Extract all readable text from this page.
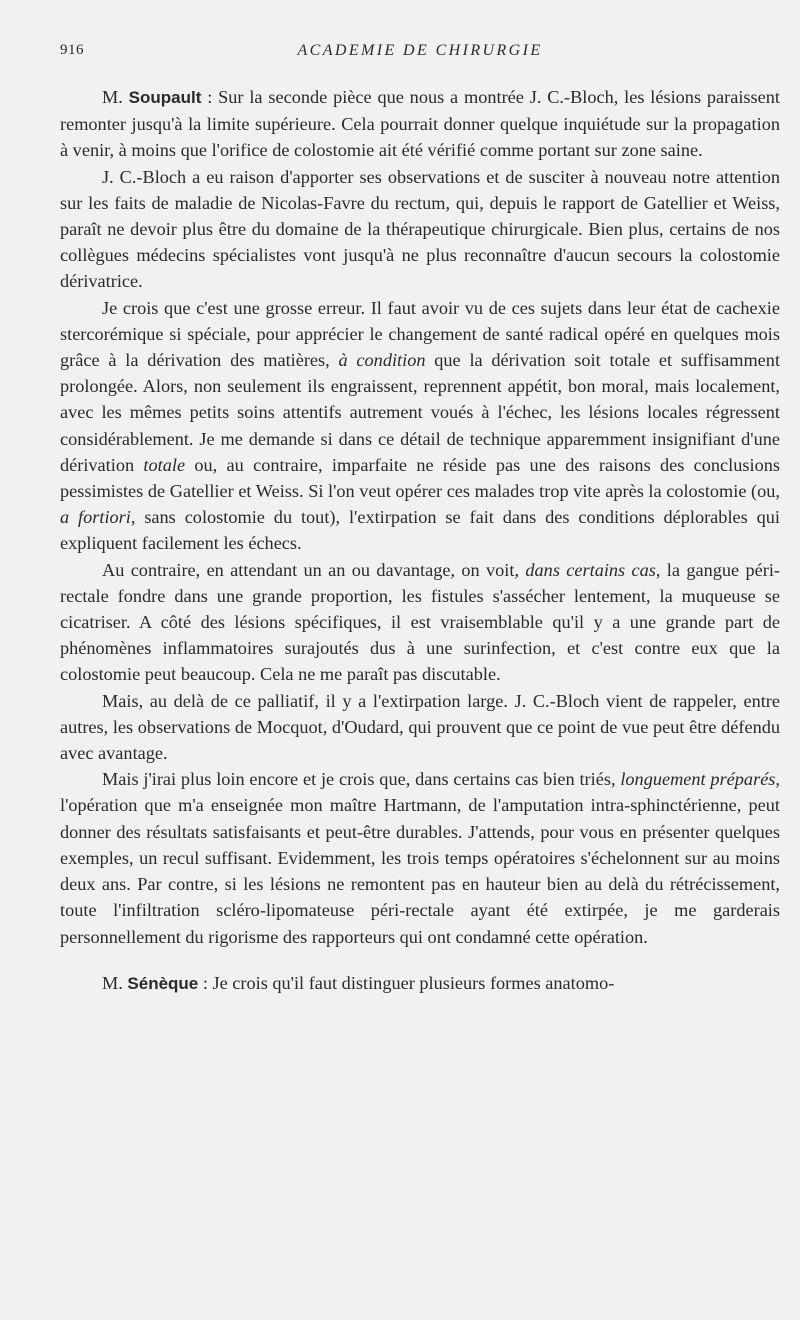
916	ACADEMIE DE CHIRURGIE

M. Soupault : Sur la seconde pièce que nous a montrée J. C.-Bloch, les lésions paraissent remonter jusqu'à la limite supérieure. Cela pourrait donner quelque inquiétude sur la propagation à venir, à moins que l'orifice de colostomie ait été vérifié comme portant sur zone saine.

J. C.-Bloch a eu raison d'apporter ses observations et de susciter à nouveau notre attention sur les faits de maladie de Nicolas-Favre du rectum, qui, depuis le rapport de Gatellier et Weiss, paraît ne devoir plus être du domaine de la thérapeutique chirurgicale. Bien plus, certains de nos collègues médecins spécialistes vont jusqu'à ne plus reconnaître d'aucun secours la colostomie dérivatrice.

Je crois que c'est une grosse erreur. Il faut avoir vu de ces sujets dans leur état de cachexie stercorémique si spéciale, pour apprécier le changement de santé radical opéré en quelques mois grâce à la dérivation des matières, à condition que la dérivation soit totale et suffisamment prolongée. Alors, non seulement ils engraissent, reprennent appétit, bon moral, mais localement, avec les mêmes petits soins attentifs autrement voués à l'échec, les lésions locales régressent considérablement. Je me demande si dans ce détail de technique apparemment insignifiant d'une dérivation totale ou, au contraire, imparfaite ne réside pas une des raisons des conclusions pessimistes de Gatellier et Weiss. Si l'on veut opérer ces malades trop vite après la colostomie (ou, a fortiori, sans colostomie du tout), l'extirpation se fait dans des conditions déplorables qui expliquent facilement les échecs.

Au contraire, en attendant un an ou davantage, on voit, dans certains cas, la gangue péri-rectale fondre dans une grande proportion, les fistules s'assécher lentement, la muqueuse se cicatriser. A côté des lésions spécifiques, il est vraisemblable qu'il y a une grande part de phénomènes inflammatoires surajoutés dus à une surinfection, et c'est contre eux que la colostomie peut beaucoup. Cela ne me paraît pas discutable.

Mais, au delà de ce palliatif, il y a l'extirpation large. J. C.-Bloch vient de rappeler, entre autres, les observations de Mocquot, d'Oudard, qui prouvent que ce point de vue peut être défendu avec avantage.

Mais j'irai plus loin encore et je crois que, dans certains cas bien triés, longuement préparés, l'opération que m'a enseignée mon maître Hartmann, de l'amputation intra-sphinctérienne, peut donner des résultats satisfaisants et peut-être durables. J'attends, pour vous en présenter quelques exemples, un recul suffisant. Evidemment, les trois temps opératoires s'échelonnent sur au moins deux ans. Par contre, si les lésions ne remontent pas en hauteur bien au delà du rétrécissement, toute l'infiltration scléro-lipomateuse péri-rectale ayant été extirpée, je me garderais personnellement du rigorisme des rapporteurs qui ont condamné cette opération.

M. Sénèque : Je crois qu'il faut distinguer plusieurs formes anatomo-
